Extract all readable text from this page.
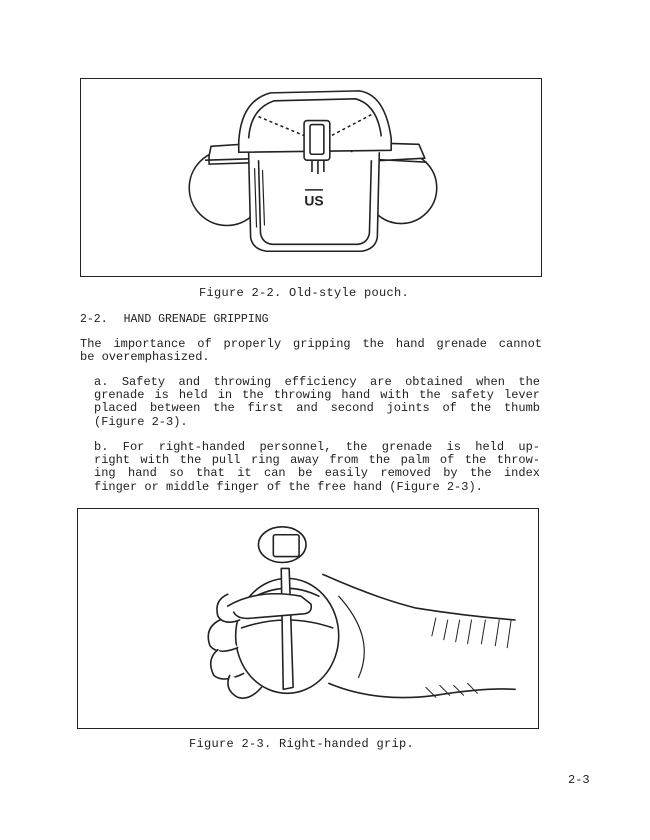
US
Figure 2-2. Old-style pouch.
2-2. HAND GRENADE GRIPPING
The importance of properly gripping the hand grenade cannot
be overemphasized.
a. Safety and throwing efficiency are obtained when the
grenade is held in the throwing hand with the safety lever
placed between the first and second joints of the thumb
(Figure 2-3).
b. For right-handed personnel, the grenade is held up-
right with the pull ring away from the palm of the throw-
ing hand so that it can be easily removed by the index
finger or middle finger of the free hand (Figure 2-3).
Figure 2-3. Right-handed grip.
2-3
